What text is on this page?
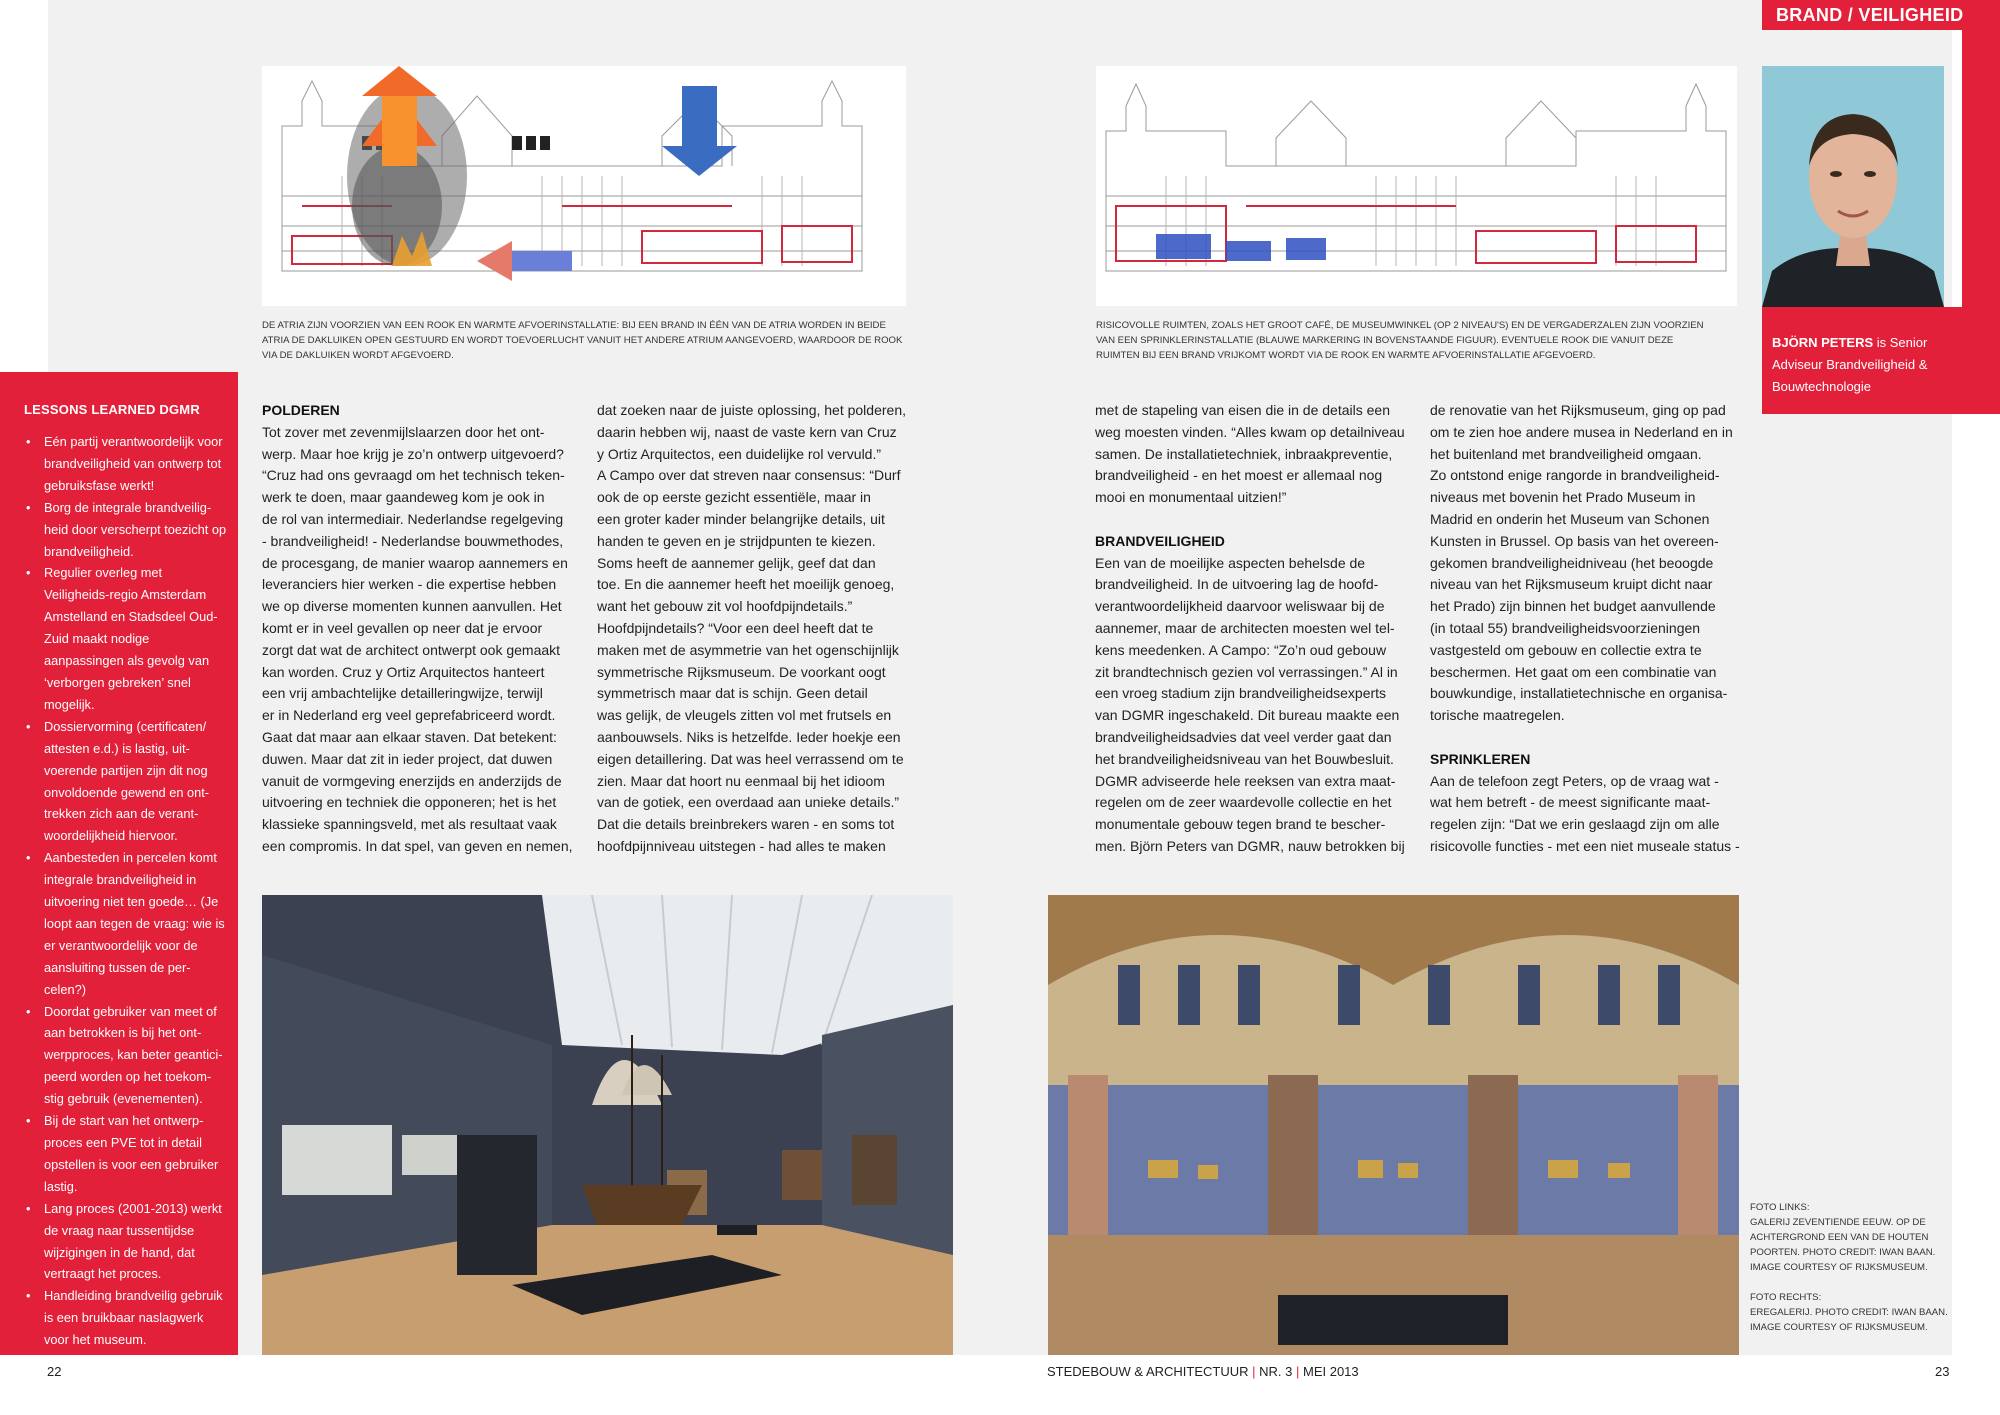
BRAND / VEILIGHEID

DE ATRIA ZIJN VOORZIEN VAN EEN ROOK EN WARMTE AFVOERINSTALLATIE: BIJ EEN BRAND IN ÉÉN VAN DE ATRIA WORDEN IN BEIDE ATRIA DE DAKLUIKEN OPEN GESTUURD EN WORDT TOEVOERLUCHT VANUIT HET ANDERE ATRIUM AANGEVOERD, WAARDOOR DE ROOK VIA DE DAKLUIKEN WORDT AFGEVOERD.

RISICOVOLLE RUIMTEN, ZOALS HET GROOT CAFÉ, DE MUSEUMWINKEL (OP 2 NIVEAU'S) EN DE VERGADERZALEN ZIJN VOORZIEN VAN EEN SPRINKLERINSTALLATIE (BLAUWE MARKERING IN BOVENSTAANDE FIGUUR). EVENTUELE ROOK DIE VANUIT DEZE RUIMTEN BIJ EEN BRAND VRIJKOMT WORDT VIA DE ROOK EN WARMTE AFVOERINSTALLATIE AFGEVOERD.

BJÖRN PETERS is Senior
Adviseur Brandveiligheid &
Bouwtechnologie
LESSONS LEARNED DGMR
• Eén partij verantwoordelijk voor brandveiligheid van ontwerp tot gebruiksfase werkt!
• Borg de integrale brandveilig-heid door verscherpt toezicht op brandveiligheid.
• Regulier overleg met Veiligheids-regio Amsterdam Amstelland en Stadsdeel Oud-Zuid maakt nodige aanpassingen als gevolg van ‘verborgen gebreken’ snel mogelijk.
• Dossiervorming (certificaten/ attesten e.d.) is lastig, uit-voerende partijen zijn dit nog onvoldoende gewend en ont-trekken zich aan de verant-woordelijkheid hiervoor.
• Aanbesteden in percelen komt integrale brandveiligheid in uitvoering niet ten goede… (Je loopt aan tegen de vraag: wie is er verantwoordelijk voor de aansluiting tussen de per-celen?)
• Doordat gebruiker van meet of aan betrokken is bij het ont-werpproces, kan beter geantici-peerd worden op het toekom-stig gebruik (evenementen).
• Bij de start van het ontwerp-proces een PVE tot in detail opstellen is voor een gebruiker lastig.
• Lang proces (2001-2013) werkt de vraag naar tussentijdse wijzigingen in de hand, dat vertraagt het proces.
• Handleiding brandveilig gebruik is een bruikbaar naslagwerk voor het museum.

POLDEREN

Tot zover met zevenmijlslaarzen door het ont-

werp. Maar hoe krijg je zo’n ontwerp uitgevoerd?

“Cruz had ons gevraagd om het technisch teken-

werk te doen, maar gaandeweg kom je ook in

de rol van intermediair. Nederlandse regelgeving

- brandveiligheid! - Nederlandse bouwmethodes,

de procesgang, de manier waarop aannemers en

leveranciers hier werken - die expertise hebben

we op diverse momenten kunnen aanvullen. Het

komt er in veel gevallen op neer dat je ervoor

zorgt dat wat de architect ontwerpt ook gemaakt

kan worden. Cruz y Ortiz Arquitectos hanteert

een vrij ambachtelijke detailleringwijze, terwijl

er in Nederland erg veel geprefabriceerd wordt.

Gaat dat maar aan elkaar staven. Dat betekent:

duwen. Maar dat zit in ieder project, dat duwen

vanuit de vormgeving enerzijds en anderzijds de

uitvoering en techniek die opponeren; het is het

klassieke spanningsveld, met als resultaat vaak

een compromis. In dat spel, van geven en nemen,

dat zoeken naar de juiste oplossing, het polderen,

daarin hebben wij, naast de vaste kern van Cruz

y Ortiz Arquitectos, een duidelijke rol vervuld.”

A Campo over dat streven naar consensus: “Durf

ook de op eerste gezicht essentiële, maar in

een groter kader minder belangrijke details, uit

handen te geven en je strijdpunten te kiezen.

Soms heeft de aannemer gelijk, geef dat dan

toe. En die aannemer heeft het moeilijk genoeg,

want het gebouw zit vol hoofdpijndetails.”

Hoofdpijndetails? “Voor een deel heeft dat te

maken met de asymmetrie van het ogenschijnlijk

symmetrische Rijksmuseum. De voorkant oogt

symmetrisch maar dat is schijn. Geen detail

was gelijk, de vleugels zitten vol met frutsels en

aanbouwsels. Niks is hetzelfde. Ieder hoekje een

eigen detaillering. Dat was heel verrassend om te

zien. Maar dat hoort nu eenmaal bij het idioom

van de gotiek, een overdaad aan unieke details.”

Dat die details breinbrekers waren - en soms tot

hoofdpijnniveau uitstegen - had alles te maken

met de stapeling van eisen die in de details een

weg moesten vinden. “Alles kwam op detailniveau

samen. De installatietechniek, inbraakpreventie,

brandveiligheid - en het moest er allemaal nog

mooi en monumentaal uitzien!”

BRANDVEILIGHEID

Een van de moeilijke aspecten behelsde de

brandveiligheid. In de uitvoering lag de hoofd-

verantwoordelijkheid daarvoor weliswaar bij de

aannemer, maar de architecten moesten wel tel-

kens meedenken. A Campo: “Zo’n oud gebouw

zit brandtechnisch gezien vol verrassingen.” Al in

een vroeg stadium zijn brandveiligheidsexperts

van DGMR ingeschakeld. Dit bureau maakte een

brandveiligheidsadvies dat veel verder gaat dan

het brandveiligheidsniveau van het Bouwbesluit.

DGMR adviseerde hele reeksen van extra maat-

regelen om de zeer waardevolle collectie en het

monumentale gebouw tegen brand te bescher-

men. Björn Peters van DGMR, nauw betrokken bij

de renovatie van het Rijksmuseum, ging op pad

om te zien hoe andere musea in Nederland en in

het buitenland met brandveiligheid omgaan.

Zo ontstond enige rangorde in brandveiligheid-

niveaus met bovenin het Prado Museum in

Madrid en onderin het Museum van Schonen

Kunsten in Brussel. Op basis van het overeen-

gekomen brandveiligheidniveau (het beoogde

niveau van het Rijksmuseum kruipt dicht naar

het Prado) zijn binnen het budget aanvullende

(in totaal 55) brandveiligheidsvoorzieningen

vastgesteld om gebouw en collectie extra te

beschermen. Het gaat om een combinatie van

bouwkundige, installatietechnische en organisa-

torische maatregelen.

SPRINKLEREN

Aan de telefoon zegt Peters, op de vraag wat -

wat hem betreft - de meest significante maat-

regelen zijn: “Dat we erin geslaagd zijn om alle

risicovolle functies - met een niet museale status -

FOTO LINKS:
GALERIJ ZEVENTIENDE EEUW. OP DE
ACHTERGROND EEN VAN DE HOUTEN
POORTEN. PHOTO CREDIT: IWAN BAAN.
IMAGE COURTESY OF RIJKSMUSEUM.
FOTO RECHTS:
EREGALERIJ. PHOTO CREDIT: IWAN BAAN.
IMAGE COURTESY OF RIJKSMUSEUM.
22	STEDEBOUW & ARCHITECTUUR | NR. 3 | MEI 2013	23
